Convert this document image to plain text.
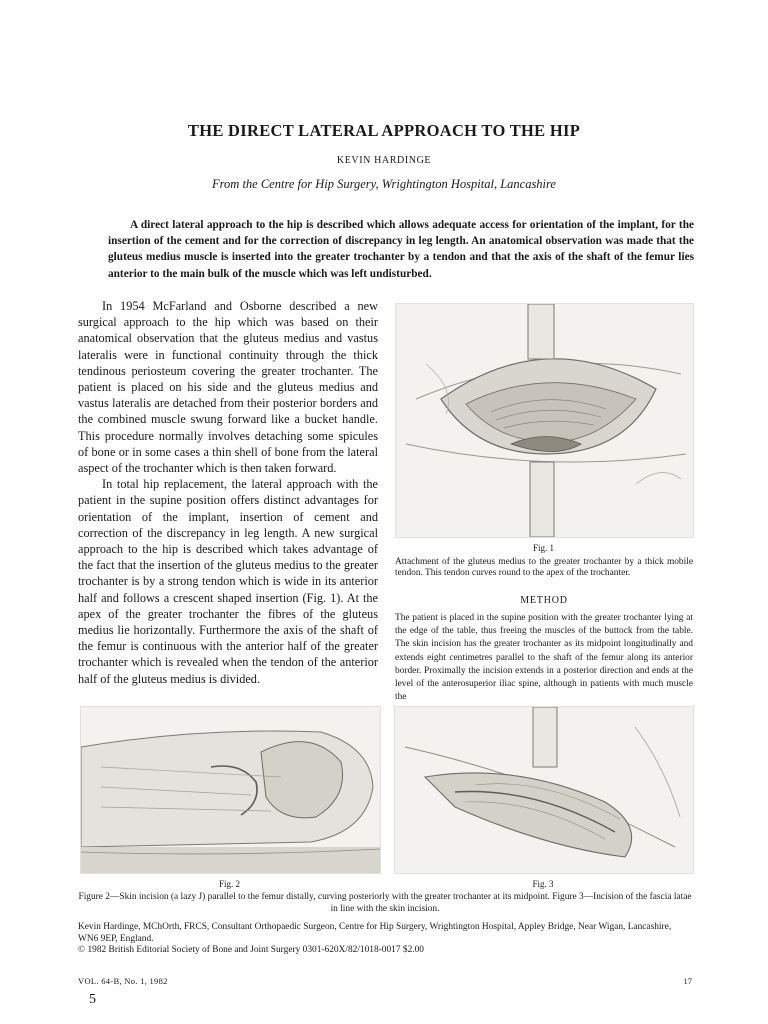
THE DIRECT LATERAL APPROACH TO THE HIP
KEVIN HARDINGE
From the Centre for Hip Surgery, Wrightington Hospital, Lancashire
A direct lateral approach to the hip is described which allows adequate access for orientation of the implant, for the insertion of the cement and for the correction of discrepancy in leg length. An anatomical observation was made that the gluteus medius muscle is inserted into the greater trochanter by a tendon and that the axis of the shaft of the femur lies anterior to the main bulk of the muscle which was left undisturbed.

In 1954 McFarland and Osborne described a new surgical approach to the hip which was based on their anatomical observation that the gluteus medius and vastus lateralis were in functional continuity through the thick tendinous periosteum covering the greater trochanter. The patient is placed on his side and the gluteus medius and vastus lateralis are detached from their posterior borders and the combined muscle swung forward like a bucket handle. This procedure normally involves detaching some spicules of bone or in some cases a thin shell of bone from the lateral aspect of the trochanter which is then taken forward.

In total hip replacement, the lateral approach with the patient in the supine position offers distinct advantages for orientation of the implant, insertion of cement and correction of the discrepancy in leg length. A new surgical approach to the hip is described which takes advantage of the fact that the insertion of the gluteus medius to the greater trochanter is by a strong tendon which is wide in its anterior half and follows a crescent shaped insertion (Fig. 1). At the apex of the greater trochanter the fibres of the gluteus medius lie horizontally. Furthermore the axis of the shaft of the femur is continuous with the anterior half of the greater trochanter which is revealed when the tendon of the anterior half of the gluteus medius is divided.

Fig. 1
Attachment of the gluteus medius to the greater trochanter by a thick mobile tendon. This tendon curves round to the apex of the trochanter.
METHOD
The patient is placed in the supine position with the greater trochanter lying at the edge of the table, thus freeing the muscles of the buttock from the table. The skin incision has the greater trochanter as its midpoint longitudinally and extends eight centimetres parallel to the shaft of the femur along its anterior border. Proximally the incision extends in a posterior direction and ends at the level of the anterosuperior iliac spine, although in patients with much muscle the
Fig. 2	Fig. 3
Figure 2—Skin incision (a lazy J) parallel to the femur distally, curving posteriorly with the greater trochanter at its midpoint. Figure 3—Incision of the fascia latae in line with the skin incision.
Kevin Hardinge, MChOrth, FRCS, Consultant Orthopaedic Surgeon, Centre for Hip Surgery, Wrightington Hospital, Appley Bridge, Near Wigan, Lancashire, WN6 9EP, England.
© 1982 British Editorial Society of Bone and Joint Surgery 0301-620X/82/1018-0017 $2.00
VOL. 64-B, No. 1, 1982	17
5
